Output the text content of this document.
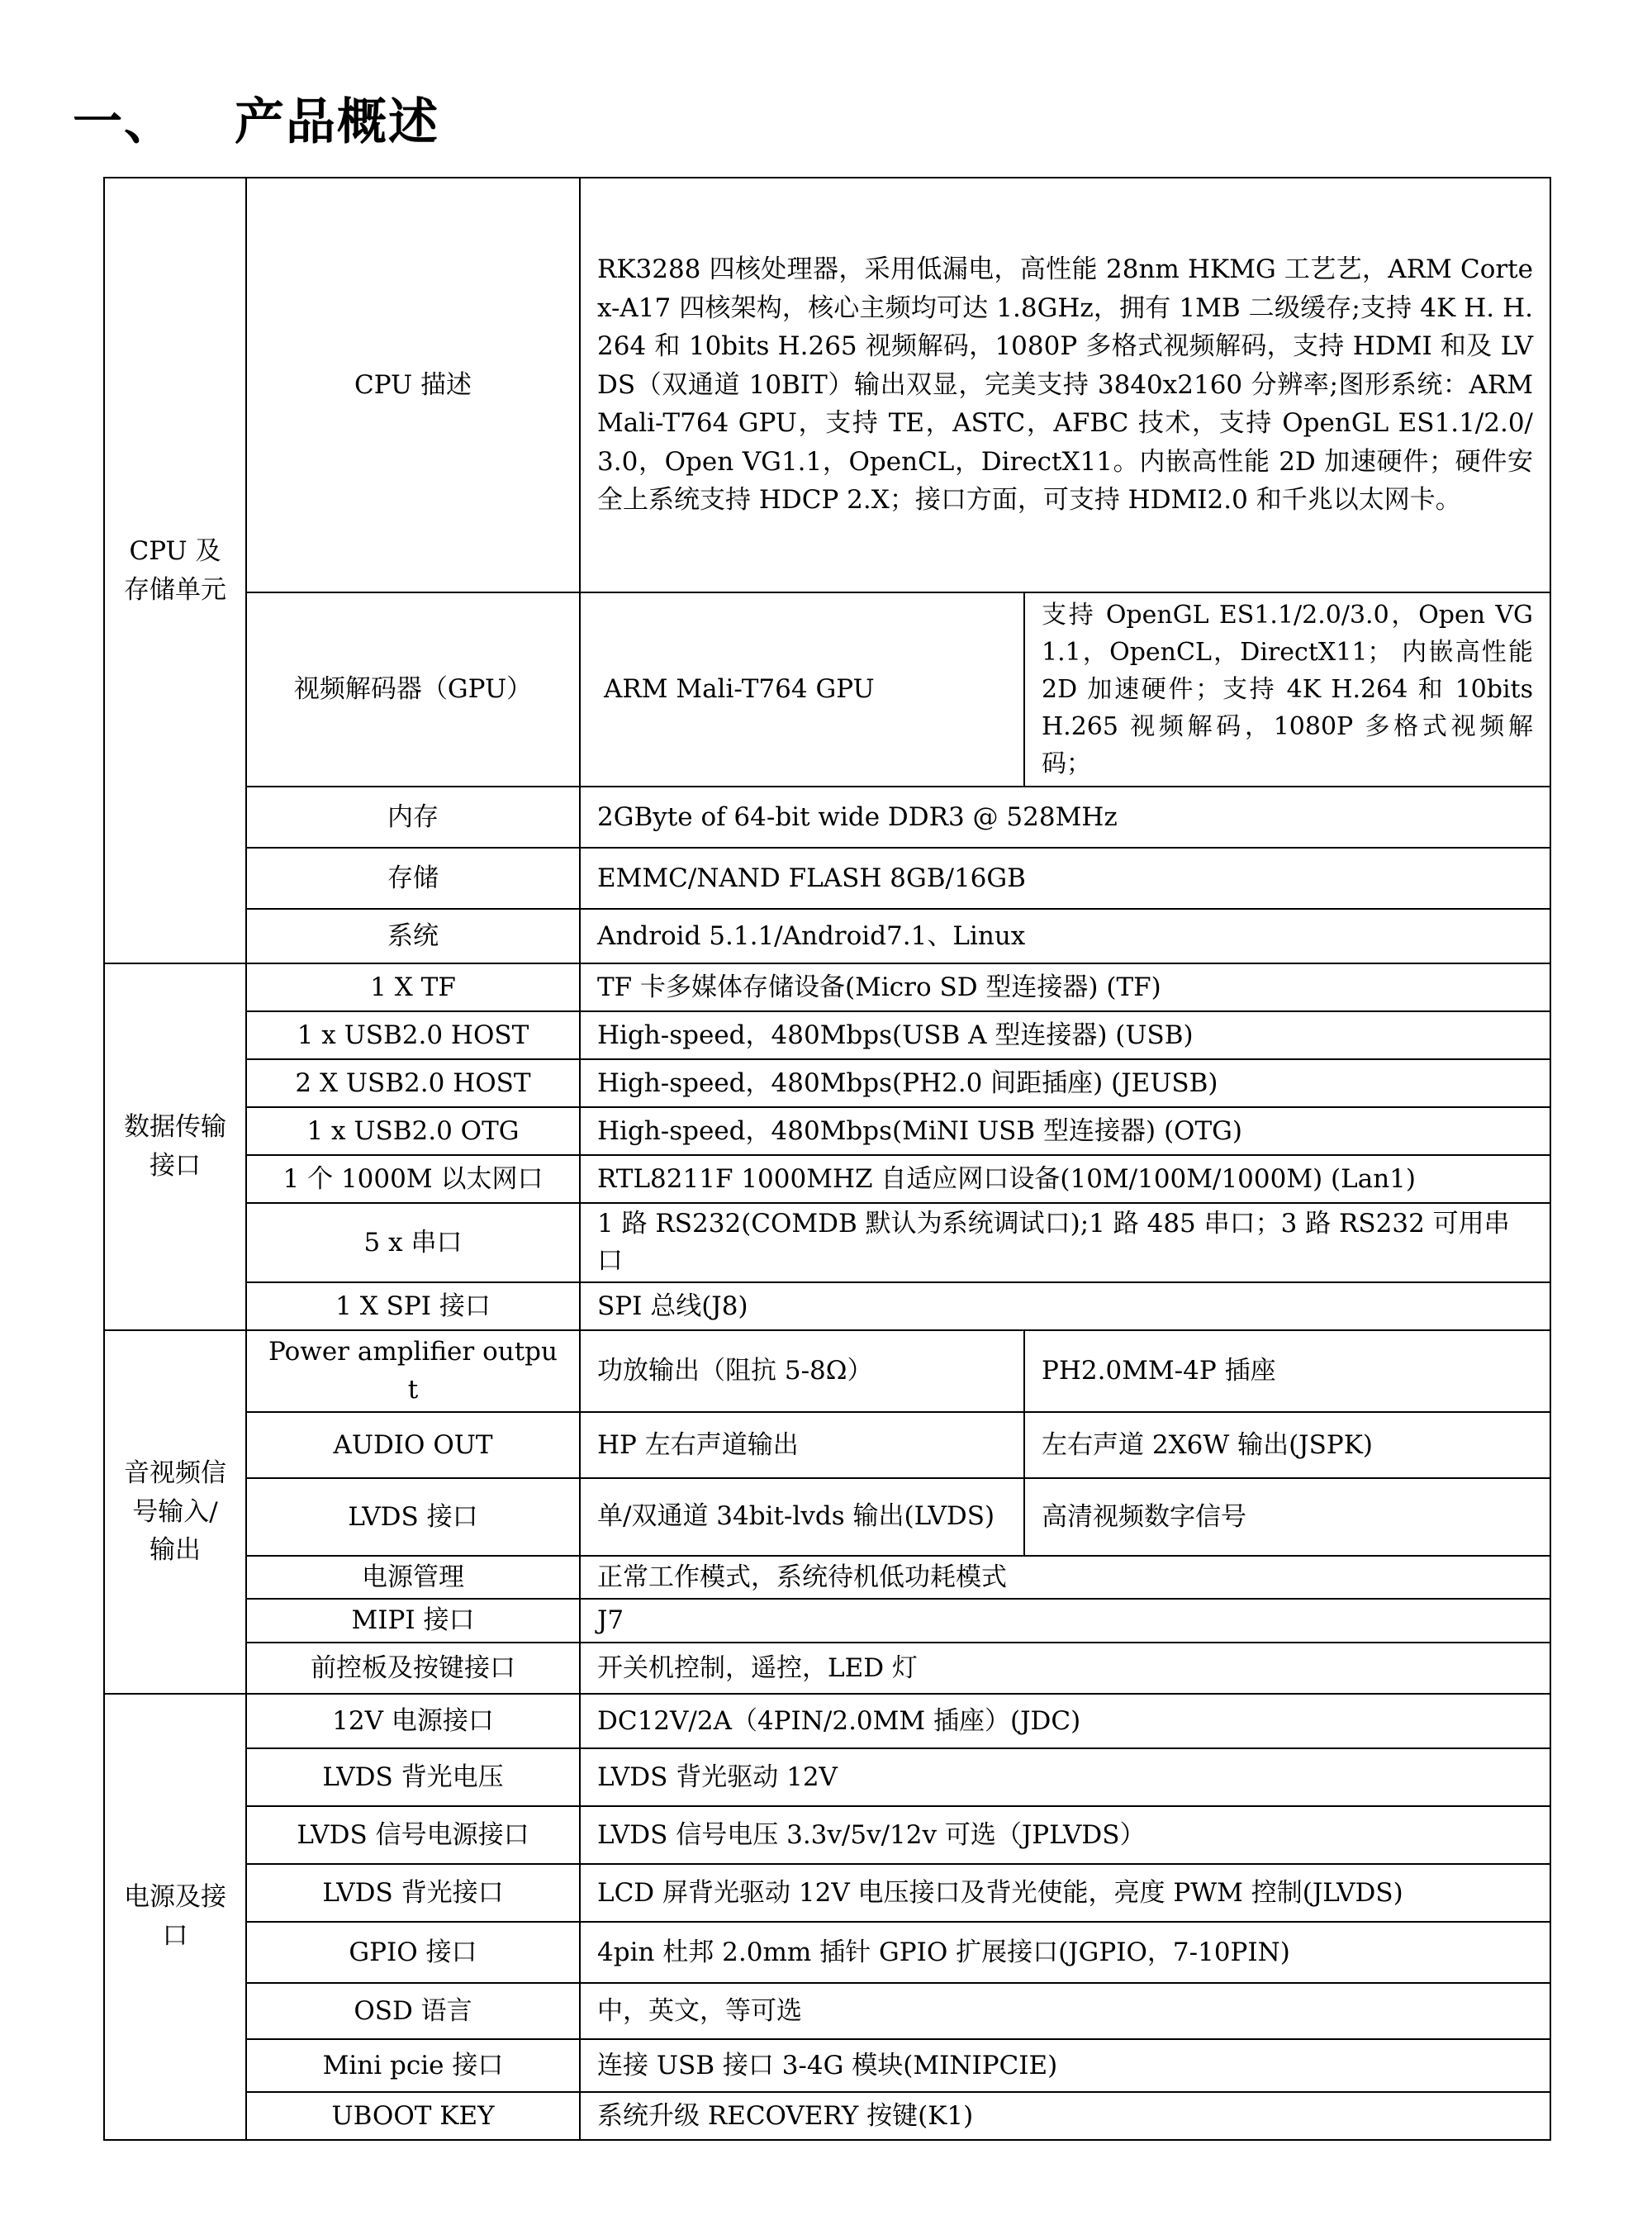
一、 产品概述
CPU 及存储单元	CPU 描述	RK3288 四核处理器，采用低漏电，高性能 28nm HKMG 工艺艺，ARM Cortex-A17 四核架构，核心主频均可达 1.8GHz，拥有 1MB 二级缓存;支持 4K H. H.264 和 10bits H.265 视频解码，1080P 多格式视频解码，支持 HDMI 和及 LVDS（双通道 10BIT）输出双显，完美支持 3840x2160 分辨率;图形系统：ARM Mali-T764 GPU，支持 TE，ASTC，AFBC 技术，支持 OpenGL ES1.1/2.0/3.0，Open VG1.1，OpenCL，DirectX11。内嵌高性能 2D 加速硬件；硬件安全上系统支持 HDCP 2.X；接口方面，可支持 HDMI2.0 和千兆以太网卡。	
	视频解码器（GPU）	ARM Mali-T764 GPU	支持 OpenGL ES1.1/2.0/3.0，Open VG1.1，OpenCL，DirectX11； 内嵌高性能 2D 加速硬件；支持 4K H.264 和 10bits H.265 视频解码，1080P 多格式视频解码；
	内存	2GByte of 64-bit wide DDR3 @ 528MHz	
	存储	EMMC/NAND FLASH 8GB/16GB	
	系统	Android 5.1.1/Android7.1、Linux	
数据传输接口	1 X TF	TF 卡多媒体存储设备(Micro SD 型连接器) (TF)	
	1 x USB2.0 HOST	High-speed，480Mbps(USB A 型连接器) (USB)	
	2 X USB2.0 HOST	High-speed，480Mbps(PH2.0 间距插座) (JEUSB)	
	1 x USB2.0 OTG	High-speed，480Mbps(MiNI USB 型连接器) (OTG)	
	1 个 1000M 以太网口	RTL8211F 1000MHZ 自适应网口设备(10M/100M/1000M) (Lan1)	
	5 x 串口	1 路 RS232(COMDB 默认为系统调试口);1 路 485 串口；3 路 RS232 可用串口	
	1 X SPI 接口	SPI 总线(J8)	
音视频信号输入/输出	Power amplifier output	功放输出（阻抗 5-8Ω）	PH2.0MM-4P 插座
	AUDIO OUT	HP 左右声道输出	左右声道 2X6W 输出(JSPK)
	LVDS 接口	单/双通道 34bit-lvds 输出(LVDS)	高清视频数字信号
	电源管理	正常工作模式，系统待机低功耗模式	
	MIPI 接口	J7	
	前控板及按键接口	开关机控制，遥控，LED 灯	
电源及接口	12V 电源接口	DC12V/2A（4PIN/2.0MM 插座）(JDC)	
	LVDS 背光电压	LVDS 背光驱动 12V	
	LVDS 信号电源接口	LVDS 信号电压 3.3v/5v/12v 可选（JPLVDS）	
	LVDS 背光接口	LCD 屏背光驱动 12V 电压接口及背光使能，亮度 PWM 控制(JLVDS)	
	GPIO 接口	4pin 杜邦 2.0mm 插针 GPIO 扩展接口(JGPIO，7-10PIN)	
	OSD 语言	中，英文，等可选	
	Mini pcie 接口	连接 USB 接口 3-4G 模块(MINIPCIE)	
	UBOOT KEY	系统升级 RECOVERY 按键(K1)	
